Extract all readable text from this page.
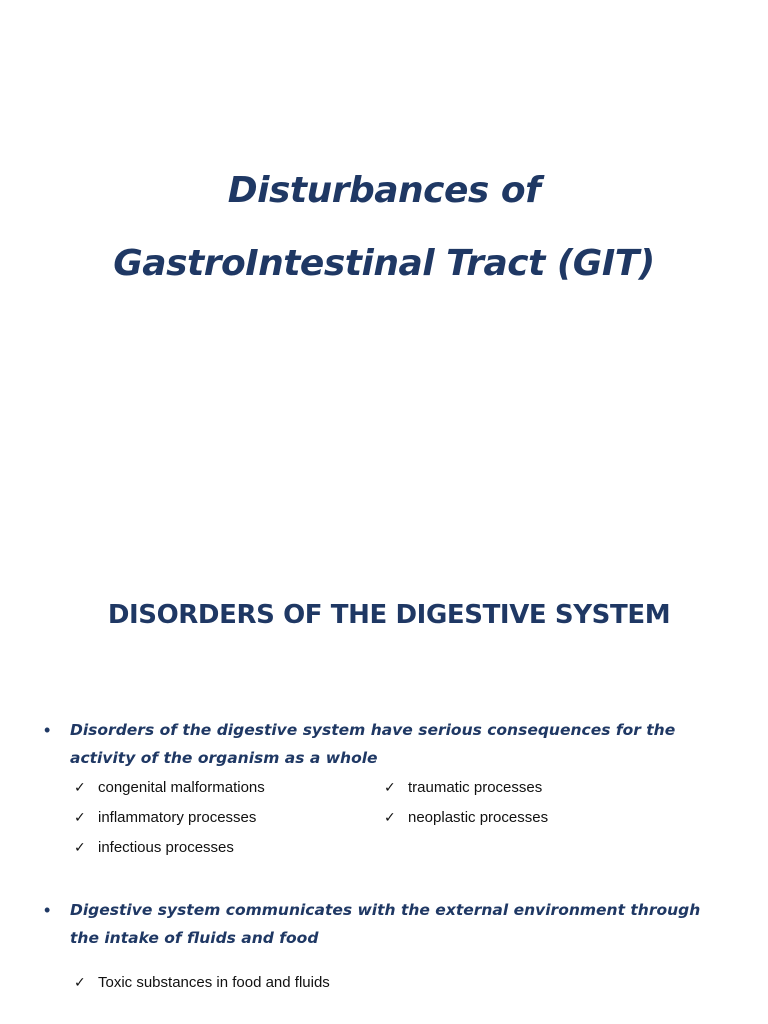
Disturbances of
GastroIntestinal Tract (GIT)
DISORDERS OF THE DIGESTIVE SYSTEM
• Disorders of the digestive system have serious consequences for the activity of the organism as a whole
✓ congenital malformations
✓ inflammatory processes
✓ infectious processes
✓ traumatic processes
✓ neoplastic processes
• Digestive system communicates with the external environment through the intake of fluids and food
✓ Toxic substances in food and fluids
